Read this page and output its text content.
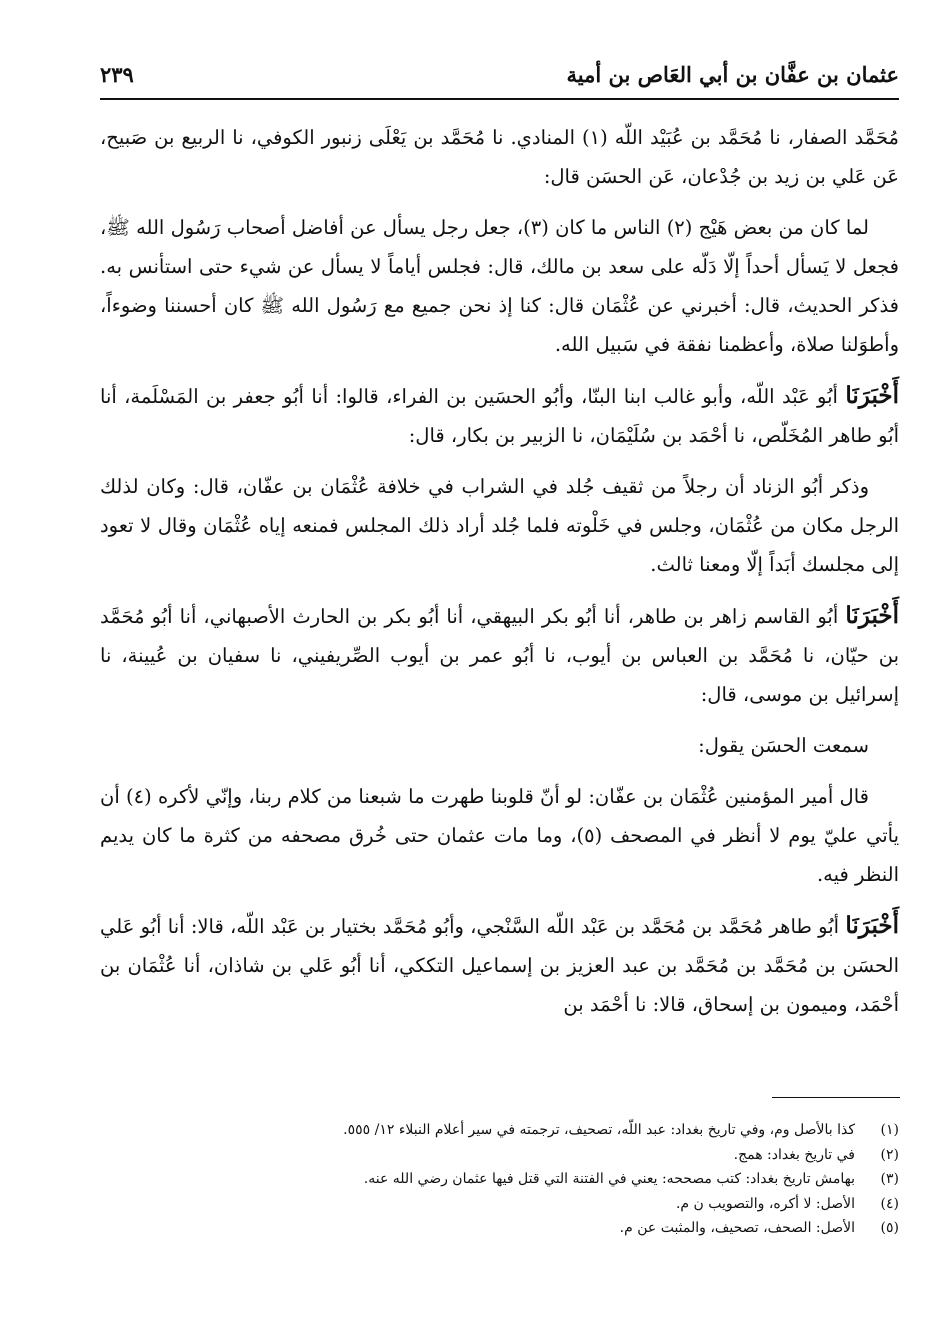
عثمان بن عفَّان بن أبي العَاص بن أمية
٢٣٩

مُحَمَّد الصفار، نا مُحَمَّد بن عُبَيْد اللّه (١) المنادي. نا مُحَمَّد بن يَعْلَى زنبور الكوفي، نا الربيع بن صَبيح، عَن عَلي بن زيد بن جُدْعان، عَن الحسَن قال:

لما كان من بعض هَيْج (٢) الناس ما كان (٣)، جعل رجل يسأل عن أفاضل أصحاب رَسُول الله ﷺ، فجعل لا يَسأل أحداً إلّا دَلّه على سعد بن مالك، قال: فجلس أياماً لا يسأل عن شيء حتى استأنس به. فذكر الحديث، قال: أخبرني عن عُثْمَان قال: كنا إذ نحن جميع مع رَسُول الله ﷺ كان أحسننا وضوءاً، وأطوَلنا صلاة، وأعظمنا نفقة في سَبيل الله.

أَخْبَرَنَا أبُو عَبْد اللّه، وأبو غالب ابنا البنّا، وأبُو الحسَين بن الفراء، قالوا: أنا أبُو جعفر بن المَسْلَمة، أنا أبُو طاهر المُخَلّص، نا أحْمَد بن سُلَيْمَان، نا الزبير بن بكار، قال:

وذكر أبُو الزناد أن رجلاً من ثقيف جُلد في الشراب في خلافة عُثْمَان بن عفّان، قال: وكان لذلك الرجل مكان من عُثْمَان، وجلس في خَلْوته فلما جُلد أراد ذلك المجلس فمنعه إياه عُثْمَان وقال لا تعود إلى مجلسك أبَداً إلّا ومعنا ثالث.

أَخْبَرَنَا أبُو القاسم زاهر بن طاهر، أنا أبُو بكر البيهقي، أنا أبُو بكر بن الحارث الأصبهاني، أنا أبُو مُحَمَّد بن حيّان، نا مُحَمَّد بن العباس بن أيوب، نا أبُو عمر بن أيوب الصِّريفيني، نا سفيان بن عُيينة، نا إسرائيل بن موسى، قال:

سمعت الحسَن يقول:

قال أمير المؤمنين عُثْمَان بن عفّان: لو أنّ قلوبنا طهرت ما شبعنا من كلام ربنا، وإنّي لأكره (٤) أن يأتي عليّ يوم لا أنظر في المصحف (٥)، وما مات عثمان حتى خُرق مصحفه من كثرة ما كان يديم النظر فيه.

أَخْبَرَنَا أبُو طاهر مُحَمَّد بن مُحَمَّد بن عَبْد اللّه السَّنْجي، وأبُو مُحَمَّد بختيار بن عَبْد اللّه، قالا: أنا أبُو عَلي الحسَن بن مُحَمَّد بن مُحَمَّد بن عبد العزيز بن إسماعيل التككي، أنا أبُو عَلي بن شاذان، أنا عُثْمَان بن أحْمَد، وميمون بن إسحاق، قالا: نا أحْمَد بن

(١)كذا بالأصل وم، وفي تاريخ بغداد: عبد اللّه، تصحيف، ترجمته في سير أعلام النبلاء ١٢/ ٥٥٥.
(٢)في تاريخ بغداد: همج.
(٣)بهامش تاريخ بغداد: كتب مصححه: يعني في الفتنة التي قتل فيها عثمان رضي الله عنه.
(٤)الأصل: لا أكره، والتصويب ن م.
(٥)الأصل: الصحف، تصحيف، والمثبت عن م.
